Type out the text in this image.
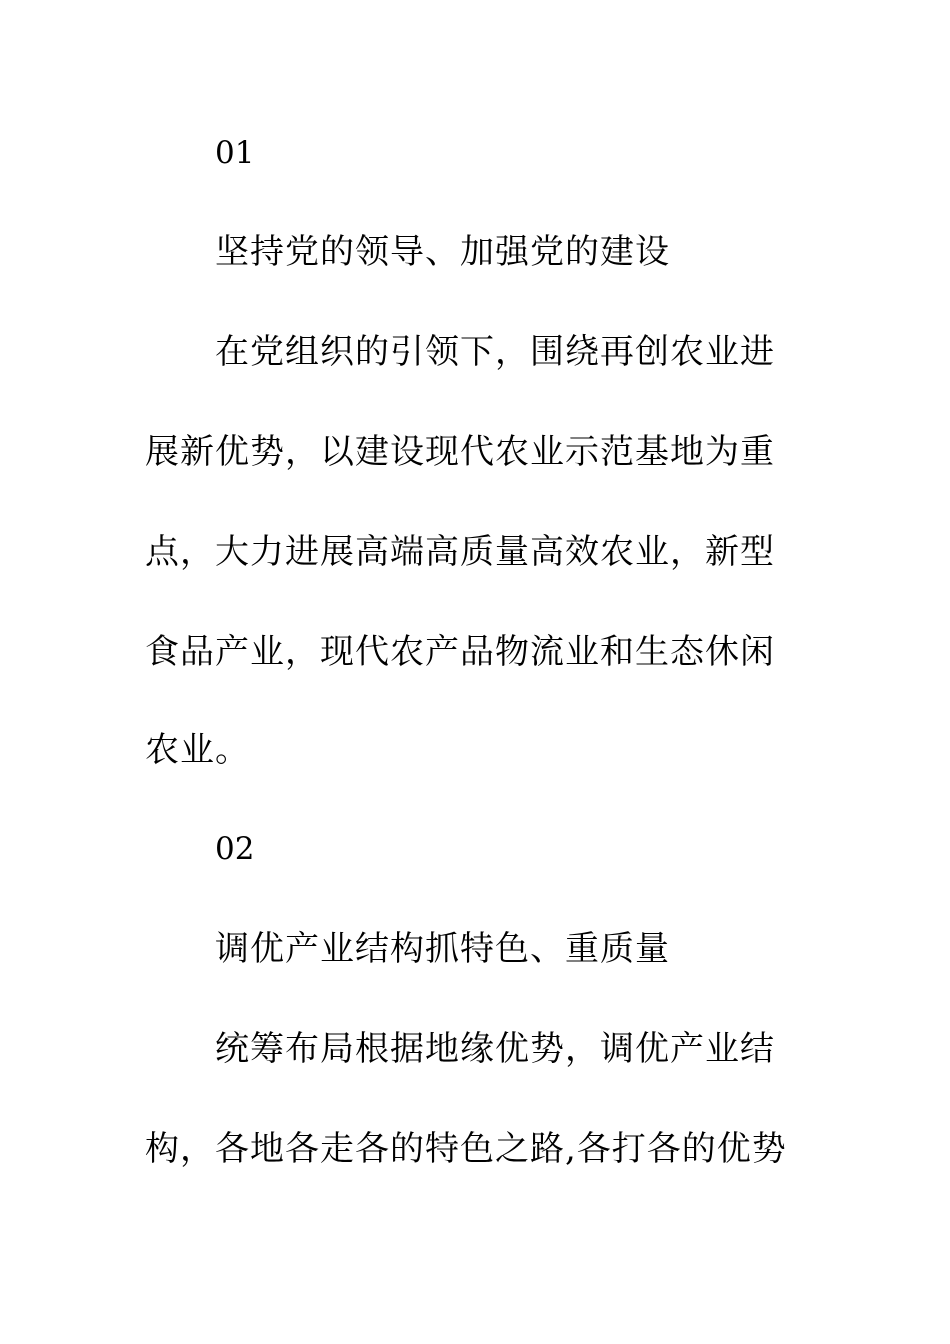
01
坚持党的领导、加强党的建设
在党组织的引领下，围绕再创农业进
展新优势，以建设现代农业示范基地为重
点，大力进展高端高质量高效农业，新型
食品产业，现代农产品物流业和生态休闲
农业。
02
调优产业结构抓特色、重质量
统筹布局根据地缘优势，调优产业结
构，各地各走各的特色之路,各打各的优势
